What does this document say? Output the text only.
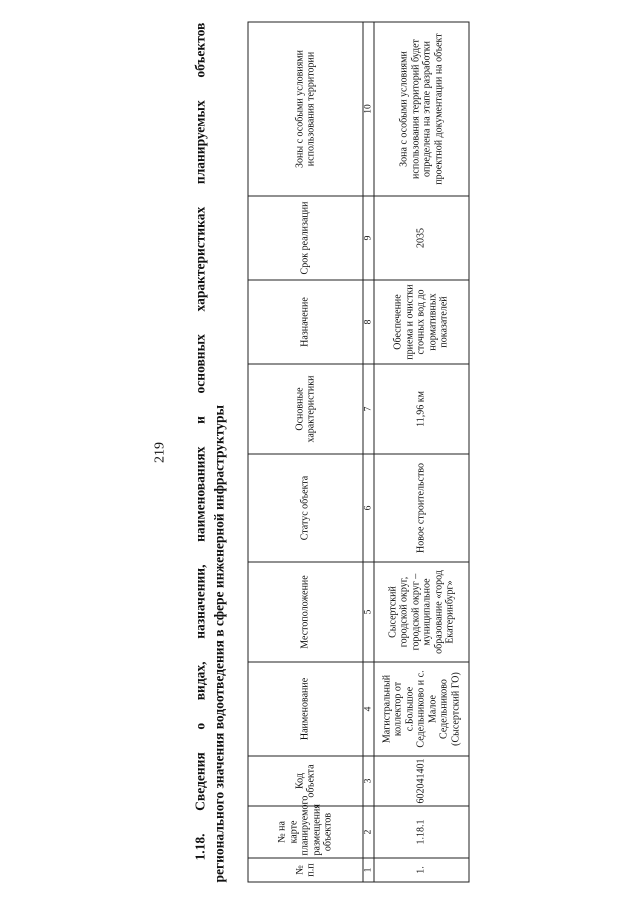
219
1.18.
Сведения
о
видах,
назначении,
наименованиях
и
основных
характеристиках
планируемых
объектов
регионального значения водоотведения в сфере инженерной инфраструктуры	№ п.п	№ на карте планируемого размещения объектов	Код объекта	Наименование	Местоположение	Статус объекта	Основные характеристики	Назначение	Срок реализации	Зоны с особыми условиями использования территории
1	2	3	4	5	6	7	8	9	10
1.	1.18.1	602041401	Магистральный коллектор от с.Большое Седельниково и с. Малое Седельниково (Сысертский ГО)	Сысертский городской округ, городской округ – муниципальное образование «город Екатеринбург»	Новое строительство	11,96 км	Обеспечение приема и очистки сточных вод до нормативных показателей	2035	Зона с особыми условиями использования территорий будет определена на этапе разработки проектной документации на объект
